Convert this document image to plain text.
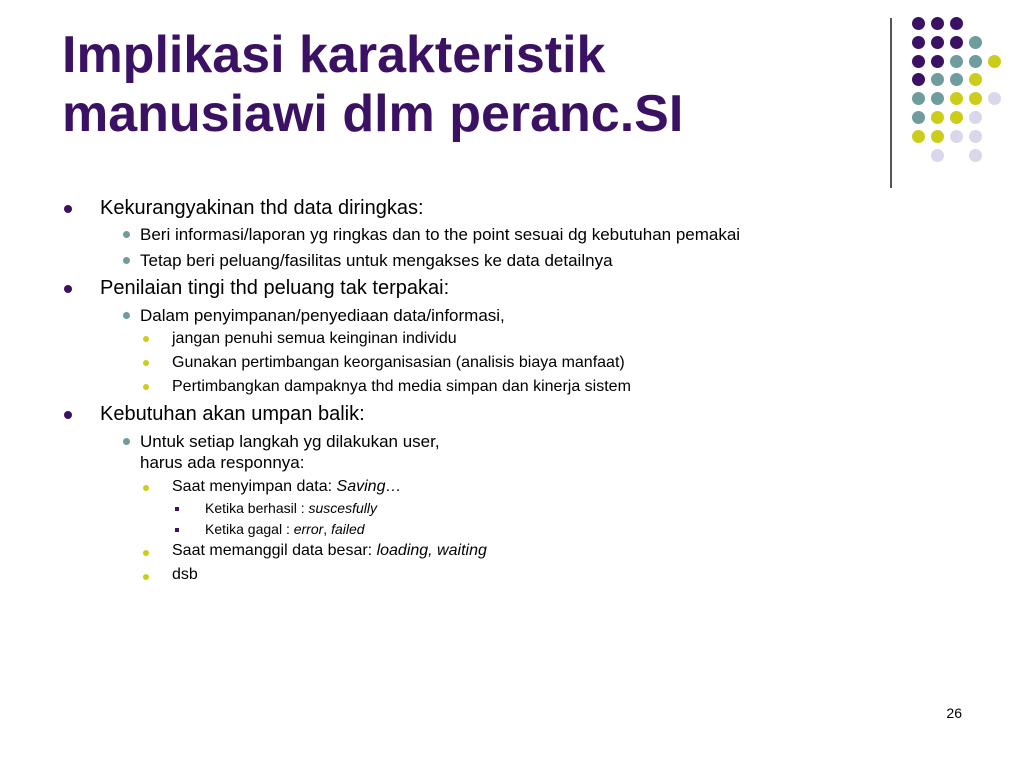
Implikasi karakteristik
manusiawi dlm peranc.SI
Kekurangyakinan thd data diringkas:
Beri informasi/laporan yg ringkas dan to the point sesuai dg kebutuhan pemakai
Tetap beri peluang/fasilitas untuk mengakses ke data detailnya
Penilaian tingi thd peluang tak terpakai:
Dalam penyimpanan/penyediaan data/informasi,
jangan penuhi semua keinginan individu
Gunakan pertimbangan keorganisasian (analisis biaya manfaat)
Pertimbangkan dampaknya thd media simpan dan kinerja sistem
Kebutuhan akan umpan balik:
Untuk setiap langkah yg dilakukan user,
harus ada responnya:
Saat menyimpan data: Saving…
Ketika berhasil : suscesfully
Ketika gagal : error, failed
Saat memanggil data besar: loading, waiting
dsb
26
